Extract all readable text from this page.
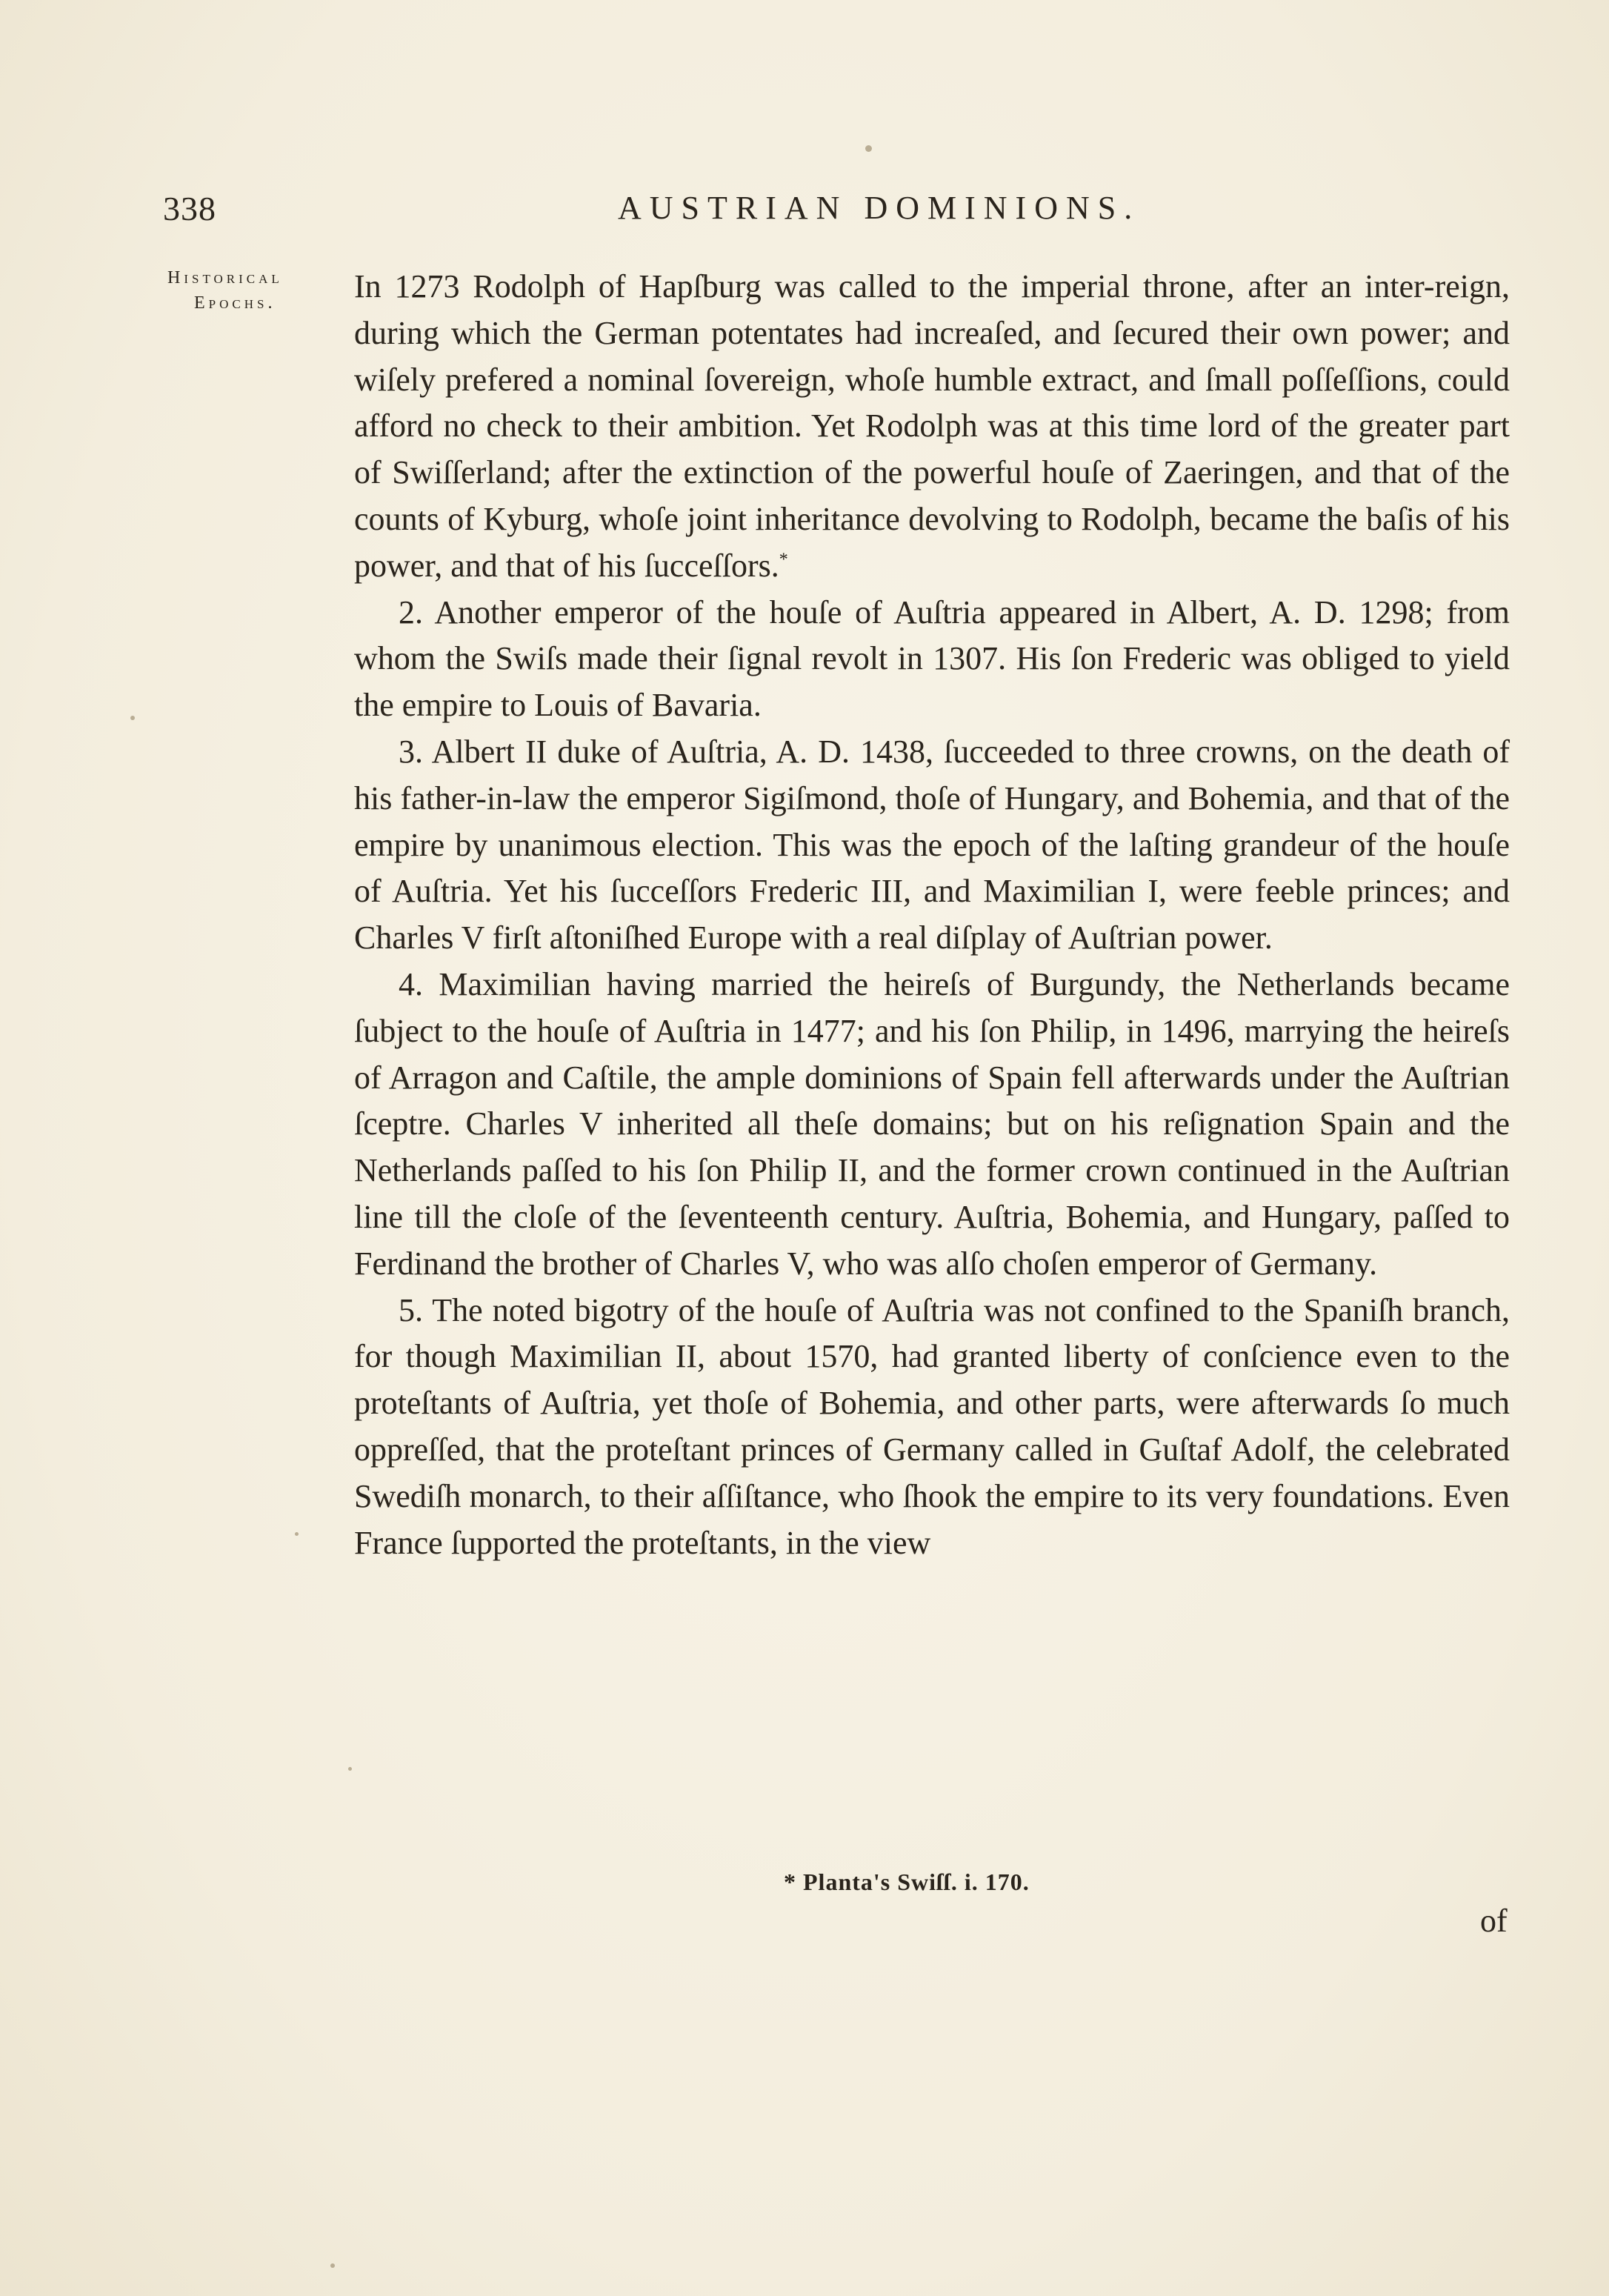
338	AUSTRIAN DOMINIONS.
Historical
Epochs. In 1273 Rodolph of Hapſburg was called to the imperial throne, after an inter-reign, during which the German potentates had increaſed, and ſecured their own power; and wiſely prefered a nominal ſovereign, whoſe humble extract, and ſmall poſſeſſions, could afford no check to their ambition. Yet Rodolph was at this time lord of the greater part of Swiſſerland; after the extinction of the powerful houſe of Zaeringen, and that of the counts of Kyburg, whoſe joint inheritance devolving to Rodolph, became the baſis of his power, and that of his ſucceſſors.*

2. Another emperor of the houſe of Auſtria appeared in Albert, A. D. 1298; from whom the Swiſs made their ſignal revolt in 1307. His ſon Frederic was obliged to yield the empire to Louis of Bavaria.

3. Albert II duke of Auſtria, A. D. 1438, ſucceeded to three crowns, on the death of his father-in-law the emperor Sigiſmond, thoſe of Hungary, and Bohemia, and that of the empire by unanimous election. This was the epoch of the laſting grandeur of the houſe of Auſtria. Yet his ſucceſſors Frederic III, and Maximilian I, were feeble princes; and Charles V firſt aſtoniſhed Europe with a real diſplay of Auſtrian power.

4. Maximilian having married the heireſs of Burgundy, the Netherlands became ſubject to the houſe of Auſtria in 1477; and his ſon Philip, in 1496, marrying the heireſs of Arragon and Caſtile, the ample dominions of Spain fell afterwards under the Auſtrian ſceptre. Charles V inherited all theſe domains; but on his reſignation Spain and the Netherlands paſſed to his ſon Philip II, and the former crown continued in the Auſtrian line till the cloſe of the ſeventeenth century. Auſtria, Bohemia, and Hungary, paſſed to Ferdinand the brother of Charles V, who was alſo choſen emperor of Germany.

5. The noted bigotry of the houſe of Auſtria was not confined to the Spaniſh branch, for though Maximilian II, about 1570, had granted liberty of conſcience even to the proteſtants of Auſtria, yet thoſe of Bohemia, and other parts, were afterwards ſo much oppreſſed, that the proteſtant princes of Germany called in Guſtaf Adolf, the celebrated Swediſh monarch, to their aſſiſtance, who ſhook the empire to its very foundations. Even France ſupported the proteſtants, in the view

* Planta's Swiſſ. i. 170.
of
